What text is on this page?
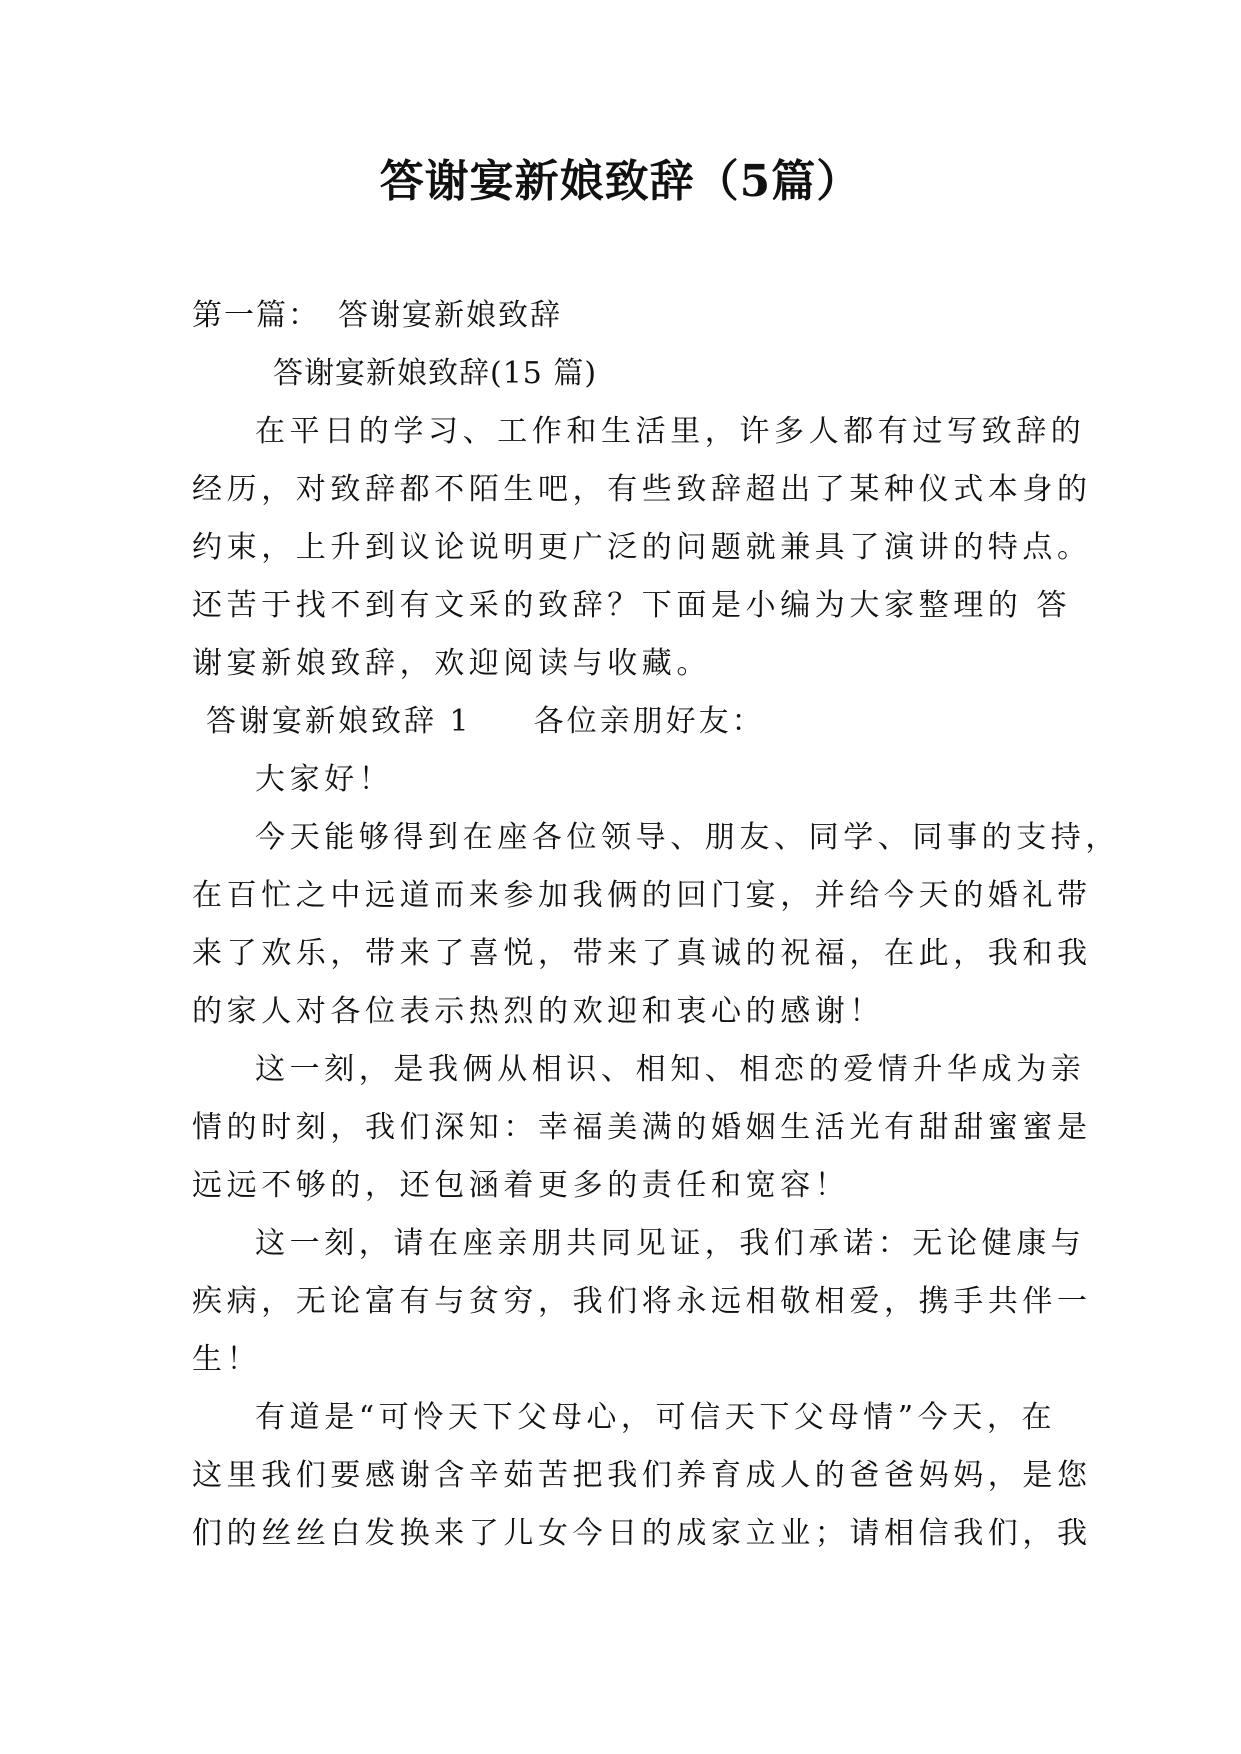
答谢宴新娘致辞（5篇）
第一篇： 答谢宴新娘致辞
答谢宴新娘致辞(15 篇)
在平日的学习、工作和生活里，许多人都有过写致辞的
经历，对致辞都不陌生吧，有些致辞超出了某种仪式本身的
约束，上升到议论说明更广泛的问题就兼具了演讲的特点。
还苦于找不到有文采的致辞？下面是小编为大家整理的 答
谢宴新娘致辞，欢迎阅读与收藏。
答谢宴新娘致辞 1 各位亲朋好友：
大家好！
今天能够得到在座各位领导、朋友、同学、同事的支持，
在百忙之中远道而来参加我俩的回门宴，并给今天的婚礼带
来了欢乐，带来了喜悦，带来了真诚的祝福，在此，我和我
的家人对各位表示热烈的欢迎和衷心的感谢！
这一刻，是我俩从相识、相知、相恋的爱情升华成为亲
情的时刻，我们深知：幸福美满的婚姻生活光有甜甜蜜蜜是
远远不够的，还包涵着更多的责任和宽容！
这一刻，请在座亲朋共同见证，我们承诺：无论健康与
疾病，无论富有与贫穷，我们将永远相敬相爱，携手共伴一
生！
有道是“可怜天下父母心，可信天下父母情”今天，在
这里我们要感谢含辛茹苦把我们养育成人的爸爸妈妈，是您
们的丝丝白发换来了儿女今日的成家立业；请相信我们，我
